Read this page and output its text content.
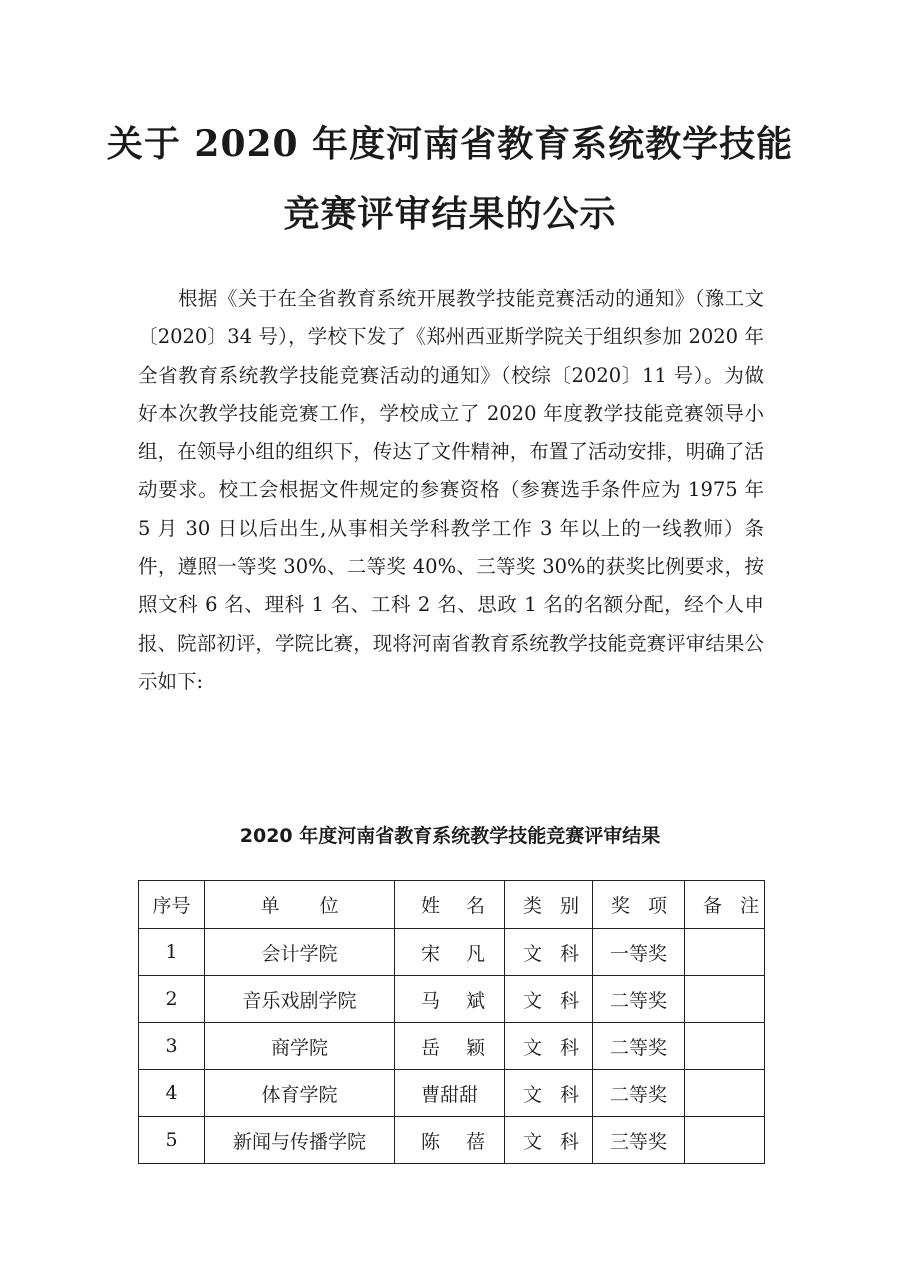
关于 2020 年度河南省教育系统教学技能
竞赛评审结果的公示

根据《关于在全省教育系统开展教学技能竞赛活动的通知》（豫工文〔2020〕34 号），学校下发了《郑州西亚斯学院关于组织参加 2020 年全省教育系统教学技能竞赛活动的通知》（校综〔2020〕11 号）。为做好本次教学技能竞赛工作，学校成立了 2020 年度教学技能竞赛领导小组，在领导小组的组织下，传达了文件精神，布置了活动安排，明确了活动要求。校工会根据文件规定的参赛资格（参赛选手条件应为 1975 年 5 月 30 日以后出生,从事相关学科教学工作 3 年以上的一线教师）条件，遵照一等奖 30%、二等奖 40%、三等奖 30%的获奖比例要求，按照文科 6 名、理科 1 名、工科 2 名、思政 1 名的名额分配，经个人申报、院部初评，学院比赛，现将河南省教育系统教学技能竞赛评审结果公示如下:

2020 年度河南省教育系统教学技能竞赛评审结果

序号	单位	姓名	类别	奖项	备注
1	会计学院	宋凡	文科	一等奖	
2	音乐戏剧学院	马斌	文科	二等奖	
3	商学院	岳颖	文科	二等奖	
4	体育学院	曹甜甜	文科	二等奖	
5	新闻与传播学院	陈蓓	文科	三等奖	
